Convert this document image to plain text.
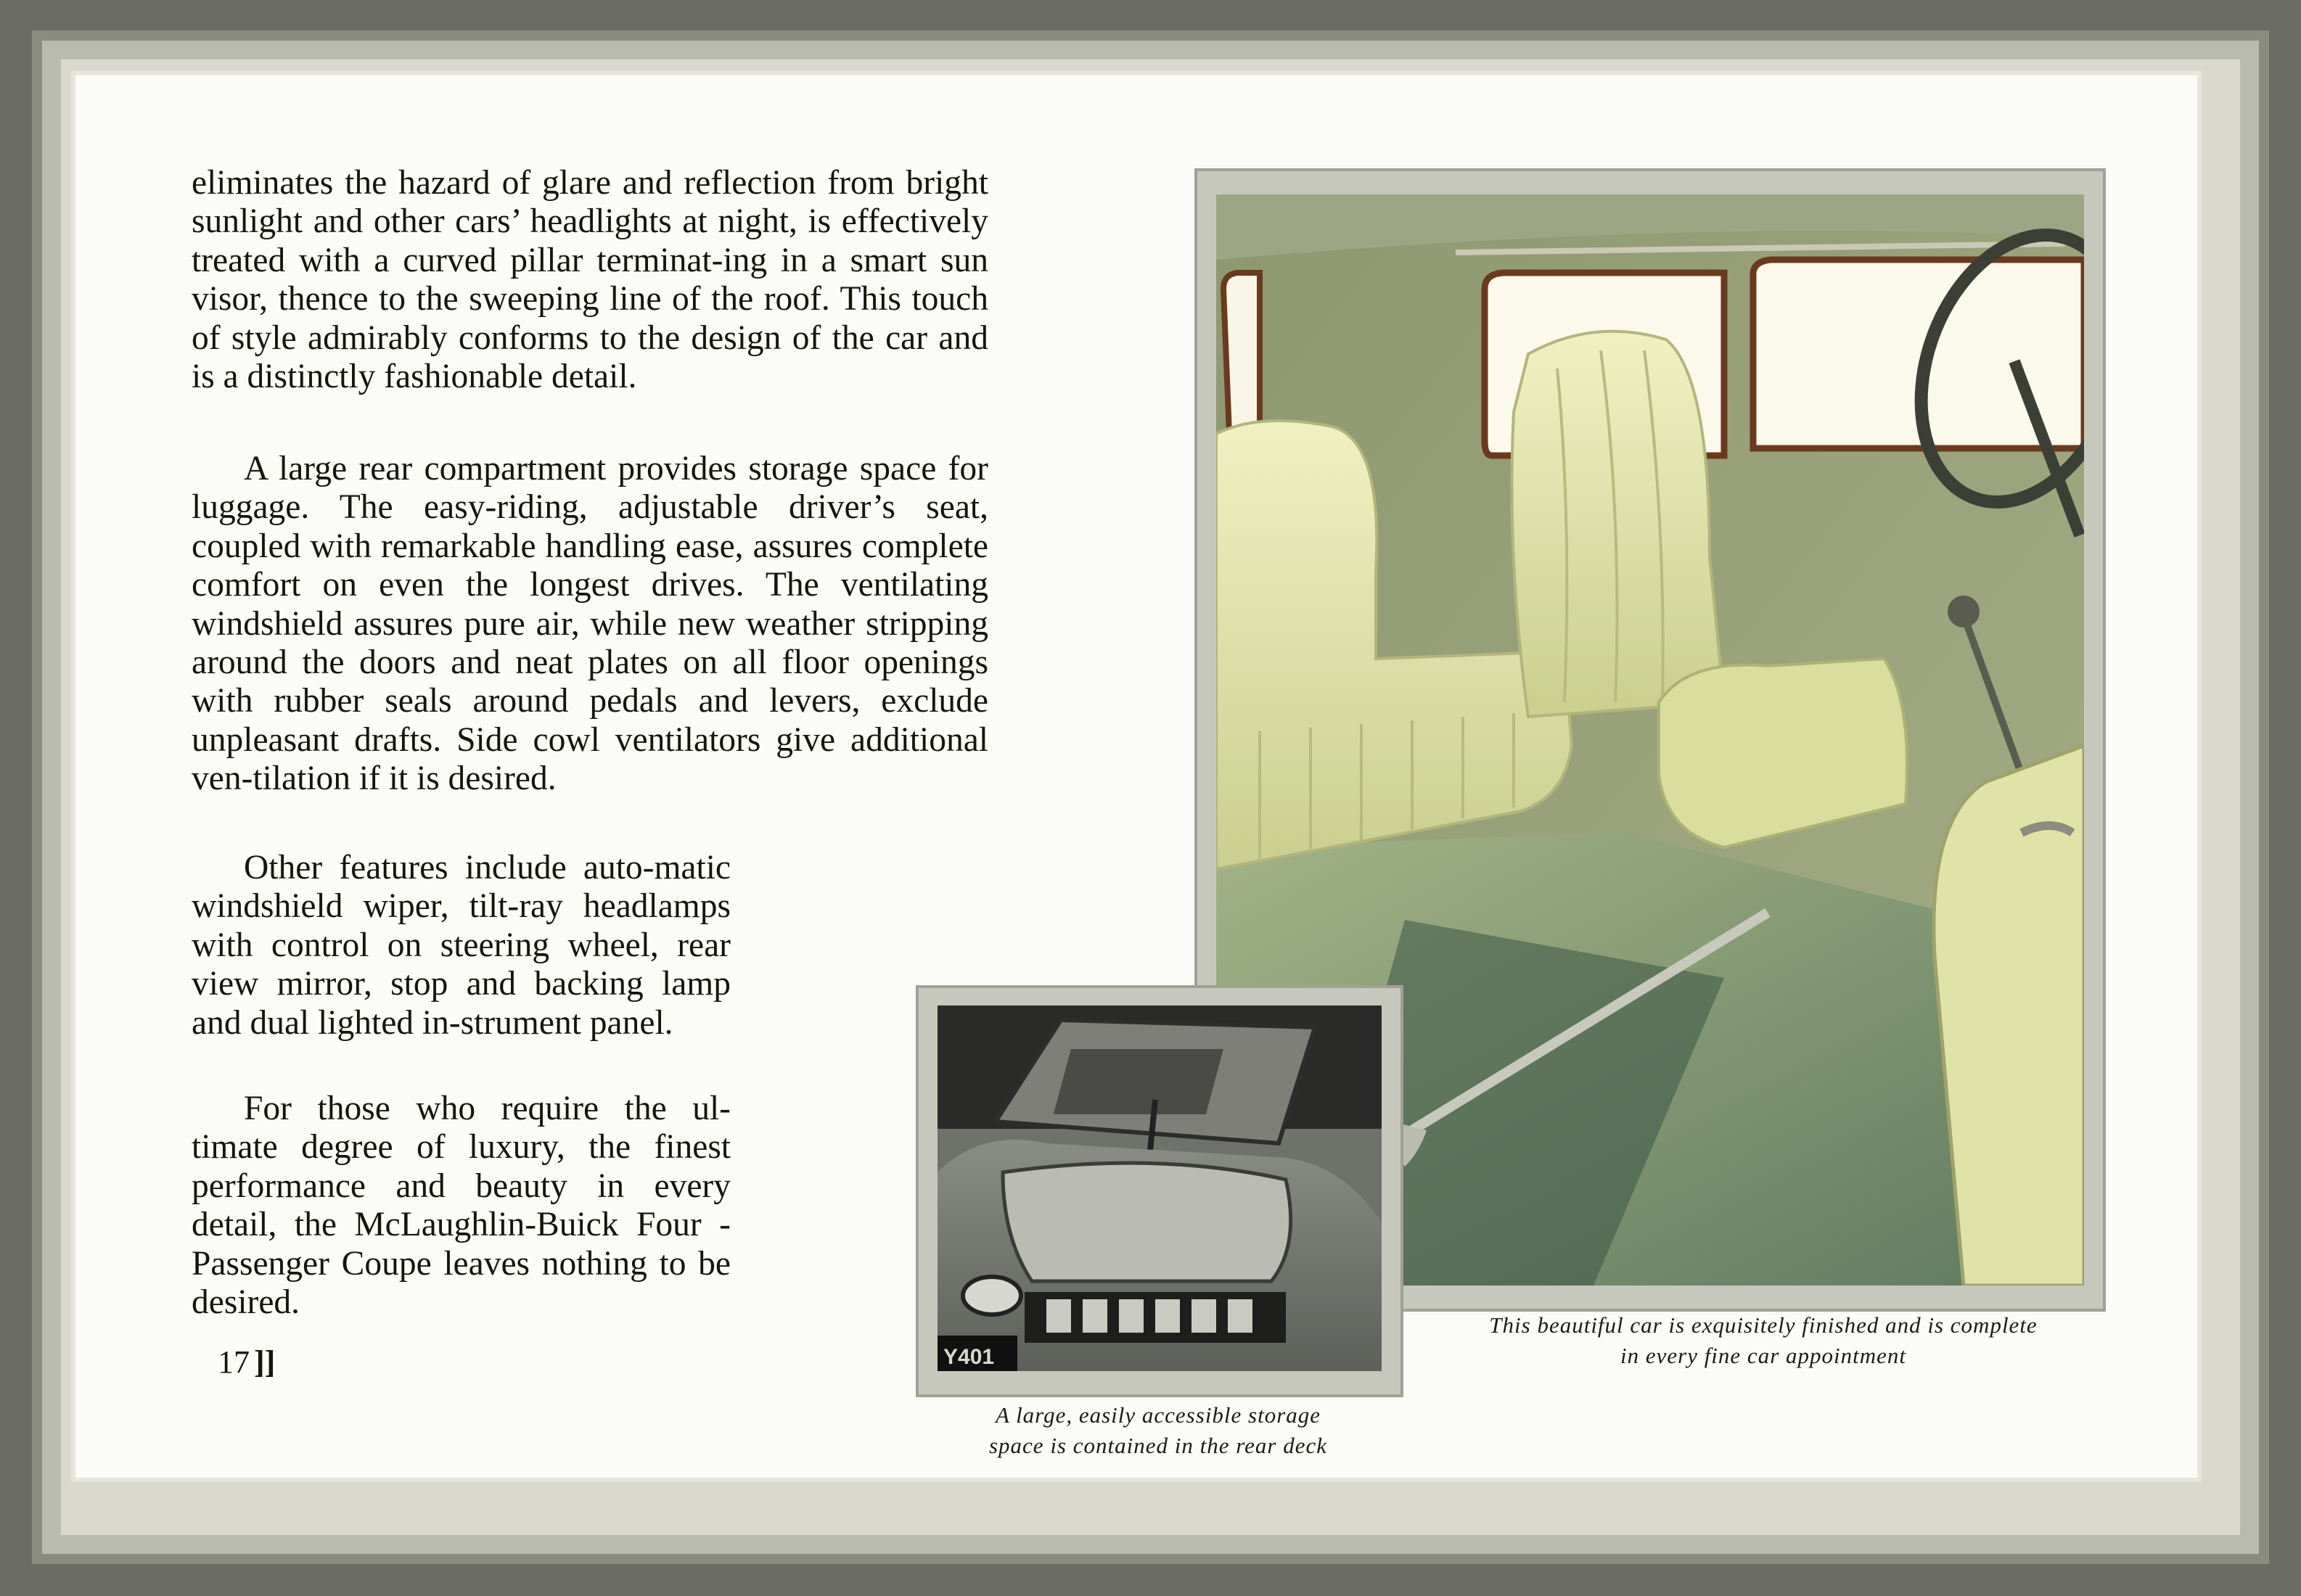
eliminates the hazard of glare and reflection from bright sunlight and other cars’ headlights at night, is effectively treated with a curved pillar terminat-ing in a smart sun visor, thence to the sweeping line of the roof. This touch of style admirably conforms to the design of the car and is a distinctly fashionable detail.

A large rear compartment provides storage space for luggage. The easy-riding, adjustable driver’s seat, coupled with remarkable handling ease, assures complete comfort on even the longest drives. The ventilating windshield assures pure air, while new weather stripping around the doors and neat plates on all floor openings with rubber seals around pedals and levers, exclude unpleasant drafts. Side cowl ventilators give additional ven-tilation if it is desired.

Other features include auto-matic windshield wiper, tilt-ray headlamps with control on steering wheel, rear view mirror, stop and backing lamp and dual lighted in-strument panel.

For those who require the ul-timate degree of luxury, the finest performance and beauty in every detail, the McLaughlin-Buick Four - Passenger Coupe leaves nothing to be desired.

17 ]]	Y401
This beautiful car is exquisitely finished and is complete
in every fine car appointment
A large, easily accessible storage
space is contained in the rear deck
